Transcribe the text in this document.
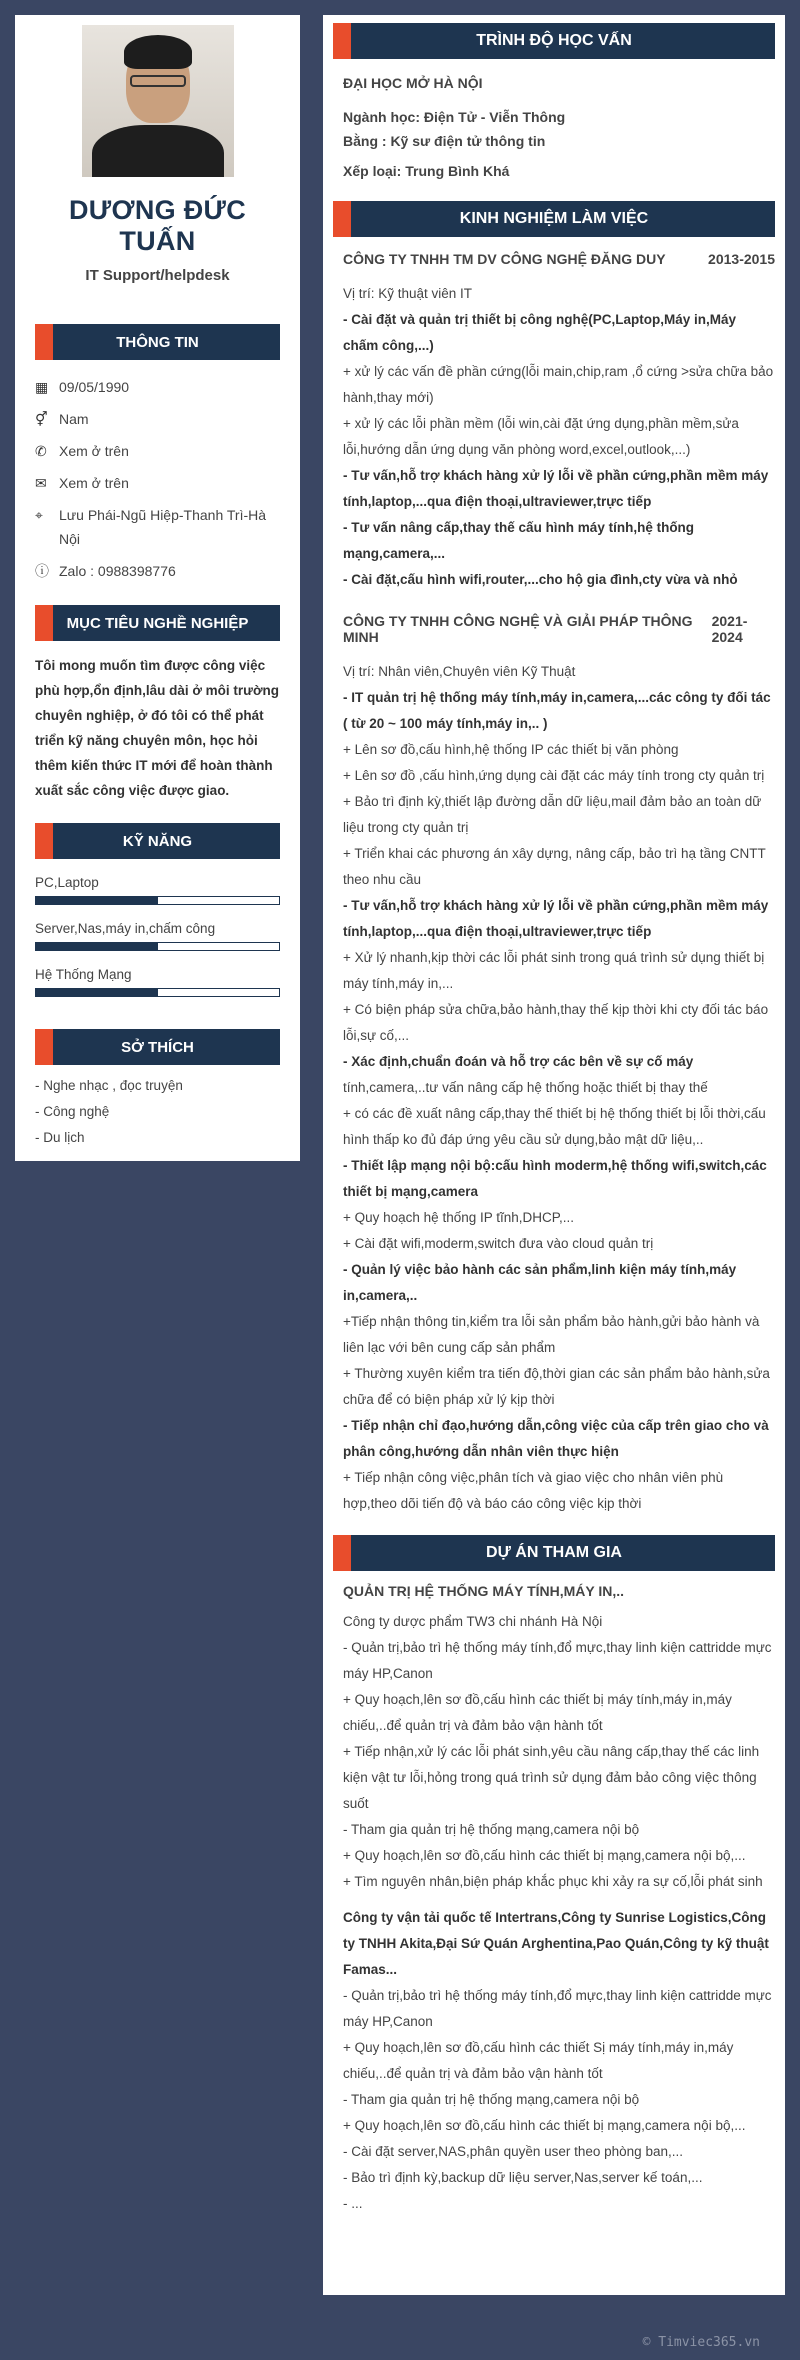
DƯƠNG ĐỨC TUẤN
IT Support/helpdesk
THÔNG TIN
▦ 09/05/1990
⚥ Nam
✆ Xem ở trên
✉ Xem ở trên
⌖	Lưu Phái-Ngũ Hiệp-Thanh Trì-Hà Nội
ⓘ Zalo : 0988398776
MỤC TIÊU NGHỀ NGHIỆP
Tôi mong muốn tìm được công việc phù hợp,ổn định,lâu dài ở môi trường chuyên nghiệp, ở đó tôi có thể phát triển kỹ năng chuyên môn, học hỏi thêm kiến thức IT mới để hoàn thành xuất sắc công việc được giao.
KỸ NĂNG
PC,Laptop
Server,Nas,máy in,chấm công
Hệ Thống Mạng
SỞ THÍCH
- Nghe nhạc , đọc truyện
- Công nghệ
- Du lịch
TRÌNH ĐỘ HỌC VẤN
ĐẠI HỌC MỞ HÀ NỘI
Ngành học: Điện Tử - Viễn Thông
Bằng : Kỹ sư điện tử thông tin
Xếp loại: Trung Bình Khá
KINH NGHIỆM LÀM VIỆC
CÔNG TY TNHH TM DV CÔNG NGHỆ ĐĂNG DUY	2013-2015
Vị trí: Kỹ thuật viên IT
- Cài đặt và quản trị thiết bị công nghệ(PC,Laptop,Máy in,Máy chấm công,...)
+ xử lý các vấn đề phần cứng(lỗi main,chip,ram ,ổ cứng >sửa chữa bảo hành,thay mới)
+ xử lý các lỗi phần mềm (lỗi win,cài đặt ứng dụng,phần mềm,sửa lỗi,hướng dẫn ứng dụng văn phòng word,excel,outlook,...)
- Tư vấn,hỗ trợ khách hàng xử lý lỗi về phần cứng,phần mềm máy tính,laptop,...qua điện thoại,ultraviewer,trực tiếp
- Tư vấn nâng cấp,thay thế cấu hình máy tính,hệ thống mạng,camera,...
- Cài đặt,cấu hình wifi,router,...cho hộ gia đình,cty vừa và nhỏ
CÔNG TY TNHH CÔNG NGHỆ VÀ GIẢI PHÁP THÔNG MINH
2021-2024
Vị trí: Nhân viên,Chuyên viên Kỹ Thuật
- IT quản trị hệ thống máy tính,máy in,camera,...các công ty đối tác ( từ 20 ~ 100 máy tính,máy in,.. )
+ Lên sơ đồ,cấu hình,hệ thống IP các thiết bị văn phòng
+ Lên sơ đồ ,cấu hình,ứng dụng cài đặt các máy tính trong cty quản trị
+ Bảo trì định kỳ,thiết lập đường dẫn dữ liệu,mail đảm bảo an toàn dữ liệu trong cty quản trị
+ Triển khai các phương án xây dựng, nâng cấp, bảo trì hạ tầng CNTT theo nhu cầu
- Tư vấn,hỗ trợ khách hàng xử lý lỗi về phần cứng,phần mềm máy tính,laptop,...qua điện thoại,ultraviewer,trực tiếp
+ Xử lý nhanh,kịp thời các lỗi phát sinh trong quá trình sử dụng thiết bị máy tính,máy in,...
+ Có biện pháp sửa chữa,bảo hành,thay thế kịp thời khi cty đối tác báo lỗi,sự cố,...
- Xác định,chuẩn đoán và hỗ trợ các bên về sự cố máy
tính,camera,..tư vấn nâng cấp hệ thống hoặc thiết bị thay thế
+ có các đề xuất nâng cấp,thay thế thiết bị hệ thống thiết bị lỗi thời,cấu hình thấp ko đủ đáp ứng yêu cầu sử dụng,bảo mật dữ liệu,..
- Thiết lập mạng nội bộ:cấu hình moderm,hệ thống wifi,switch,các thiết bị mạng,camera
+ Quy hoạch hệ thống IP tĩnh,DHCP,...
+ Cài đặt wifi,moderm,switch đưa vào cloud quản trị
- Quản lý việc bảo hành các sản phẩm,linh kiện máy tính,máy in,camera,..
+Tiếp nhận thông tin,kiểm tra lỗi sản phẩm bảo hành,gửi bảo hành và liên lạc với bên cung cấp sản phẩm
+ Thường xuyên kiểm tra tiến độ,thời gian các sản phẩm bảo hành,sửa chữa để có biện pháp xử lý kịp thời
- Tiếp nhận chỉ đạo,hướng dẫn,công việc của cấp trên giao cho và phân công,hướng dẫn nhân viên thực hiện
+ Tiếp nhận công việc,phân tích và giao việc cho nhân viên phù hợp,theo dõi tiến độ và báo cáo công việc kịp thời
DỰ ÁN THAM GIA
QUẢN TRỊ HỆ THỐNG MÁY TÍNH,MÁY IN,..
Công ty dược phẩm TW3 chi nhánh Hà Nội
- Quản trị,bảo trì hệ thống máy tính,đổ mực,thay linh kiện cattridde mực máy HP,Canon
+ Quy hoạch,lên sơ đồ,cấu hình các thiết bị máy tính,máy in,máy chiếu,..để quản trị và đảm bảo vận hành tốt
+ Tiếp nhận,xử lý các lỗi phát sinh,yêu cầu nâng cấp,thay thế các linh kiện vật tư lỗi,hỏng trong quá trình sử dụng đảm bảo công việc thông suốt
- Tham gia quản trị hệ thống mạng,camera nội bộ
+ Quy hoạch,lên sơ đồ,cấu hình các thiết bị mạng,camera nội bộ,...
+ Tìm nguyên nhân,biện pháp khắc phục khi xảy ra sự cố,lỗi phát sinh
Công ty vận tải quốc tế Intertrans,Công ty Sunrise Logistics,Công ty TNHH Akita,Đại Sứ Quán Arghentina,Pao Quán,Công ty kỹ thuật Famas...
- Quản trị,bảo trì hệ thống máy tính,đổ mực,thay linh kiện cattridde mực máy HP,Canon
+ Quy hoạch,lên sơ đồ,cấu hình các thiết Sị máy tính,máy in,máy chiếu,..để quản trị và đảm bảo vận hành tốt
- Tham gia quản trị hệ thống mạng,camera nội bộ
+ Quy hoạch,lên sơ đồ,cấu hình các thiết bị mạng,camera nội bộ,...
- Cài đặt server,NAS,phân quyền user theo phòng ban,...
- Bảo trì định kỳ,backup dữ liệu server,Nas,server kế toán,...
- ...
© Timviec365.vn
